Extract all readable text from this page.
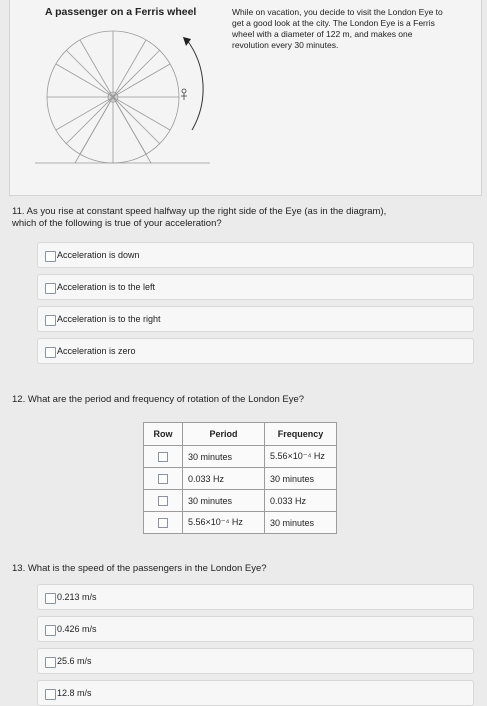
A passenger on a Ferris wheel	While on vacation, you decide to visit the London Eye to get a good look at the city. The London Eye is a Ferris wheel with a diameter of 122 m, and makes one revolution every 30 minutes.
11. As you rise at constant speed halfway up the right side of the Eye (as in the diagram), which of the following is true of your acceleration?
Acceleration is down
Acceleration is to the left
Acceleration is to the right
Acceleration is zero
12. What are the period and frequency of rotation of the London Eye?
Row	Period	Frequency
	30 minutes	5.56×10⁻⁴ Hz
	0.033 Hz	30 minutes
	30 minutes	0.033 Hz
	5.56×10⁻⁴ Hz	30 minutes
13. What is the speed of the passengers in the London Eye?
0.213 m/s
0.426 m/s
25.6 m/s
12.8 m/s
